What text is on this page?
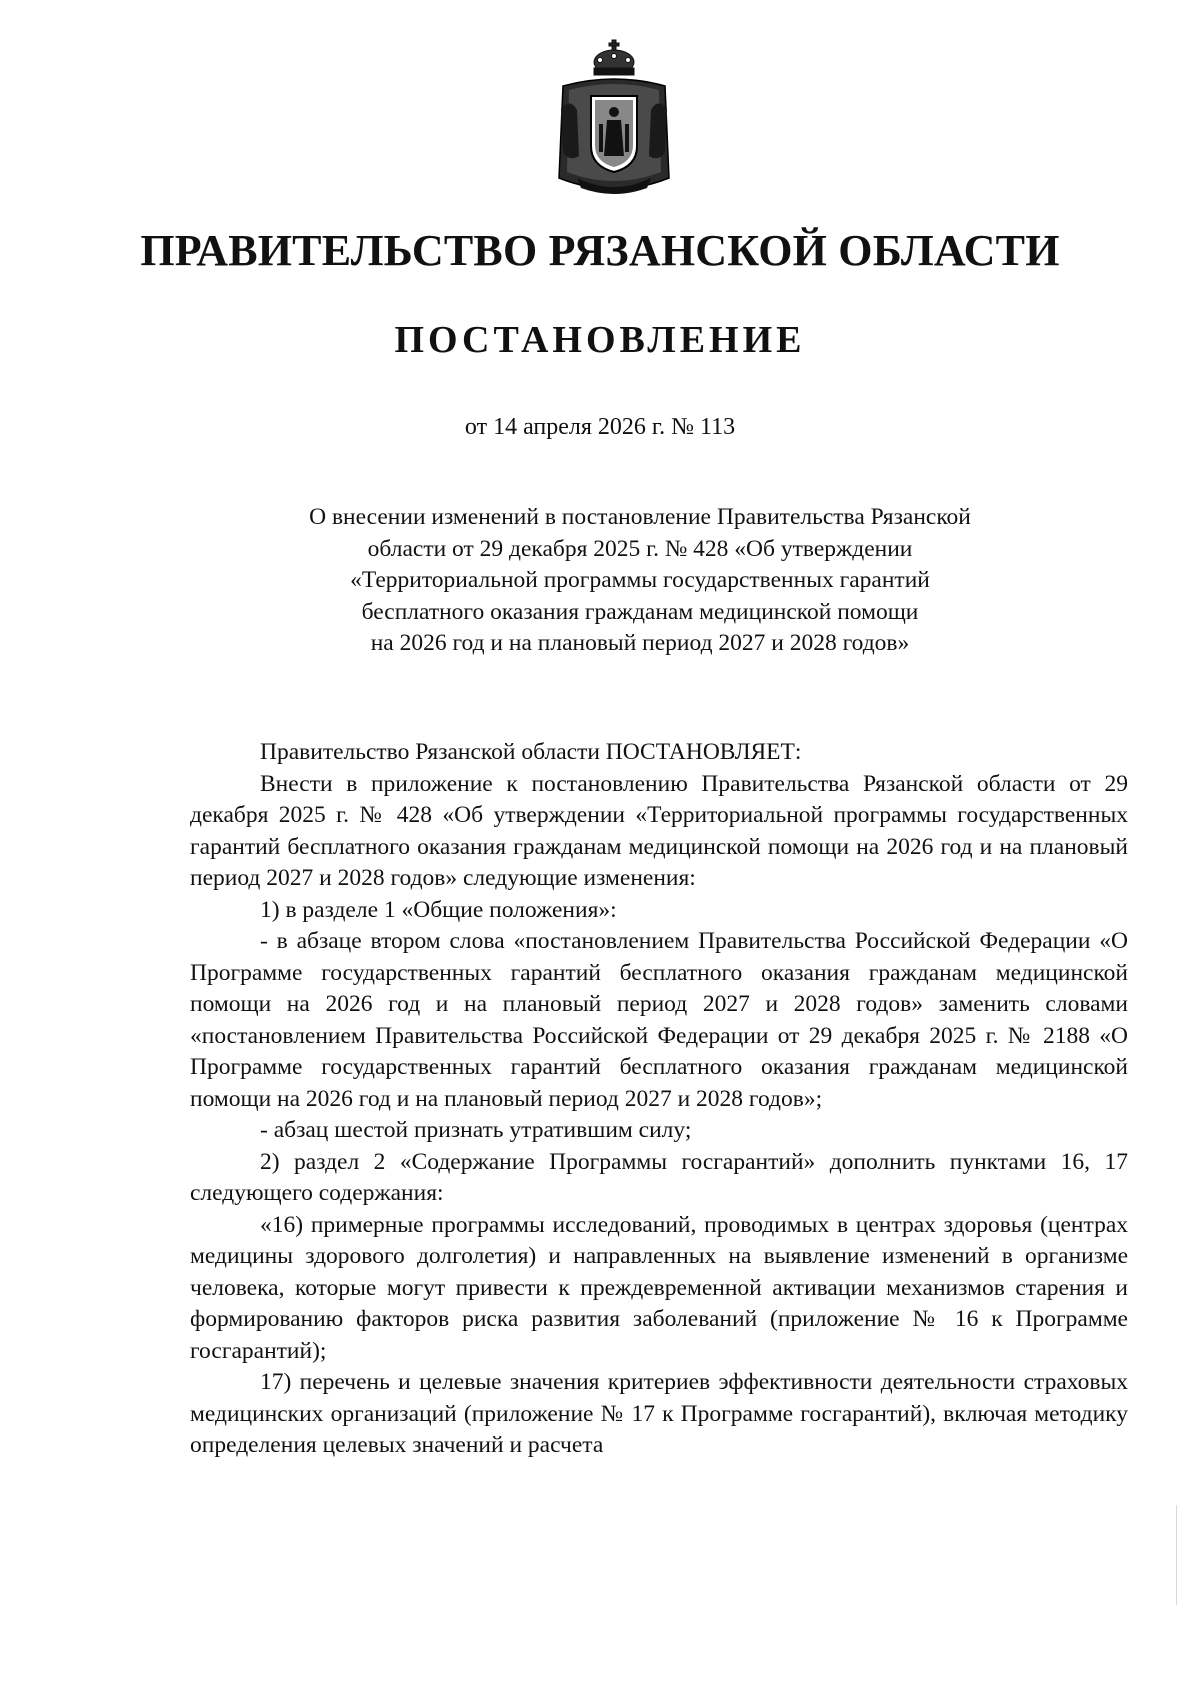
ПРАВИТЕЛЬСТВО РЯЗАНСКОЙ ОБЛАСТИ
ПОСТАНОВЛЕНИЕ
от 14 апреля 2026 г. № 113
О внесении изменений в постановление Правительства Рязанской
области от 29 декабря 2025 г. № 428 «Об утверждении
«Территориальной программы государственных гарантий
бесплатного оказания гражданам медицинской помощи
на 2026 год и на плановый период 2027 и 2028 годов»

Правительство Рязанской области ПОСТАНОВЛЯЕТ:

Внести в приложение к постановлению Правительства Рязанской области от 29 декабря 2025 г. № 428 «Об утверждении «Территориальной программы государственных гарантий бесплатного оказания гражданам медицинской помощи на 2026 год и на плановый период 2027 и 2028 годов» следующие изменения:

1) в разделе 1 «Общие положения»:

- в абзаце втором слова «постановлением Правительства Российской Федерации «О Программе государственных гарантий бесплатного оказания гражданам медицинской помощи на 2026 год и на плановый период 2027 и 2028 годов» заменить словами «постановлением Правительства Российской Федерации от 29 декабря 2025 г. № 2188 «О Программе государственных гарантий бесплатного оказания гражданам медицинской помощи на 2026 год и на плановый период 2027 и 2028 годов»;

- абзац шестой признать утратившим силу;

2) раздел 2 «Содержание Программы госгарантий» дополнить пунктами 16, 17 следующего содержания:

«16) примерные программы исследований, проводимых в центрах здоровья (центрах медицины здорового долголетия) и направленных на выявление изменений в организме человека, которые могут привести к преждевременной активации механизмов старения и формированию факторов риска развития заболеваний (приложение № 16 к Программе госгарантий);

17) перечень и целевые значения критериев эффективности деятельности страховых медицинских организаций (приложение № 17 к Программе госгарантий), включая методику определения целевых значений и расчета
